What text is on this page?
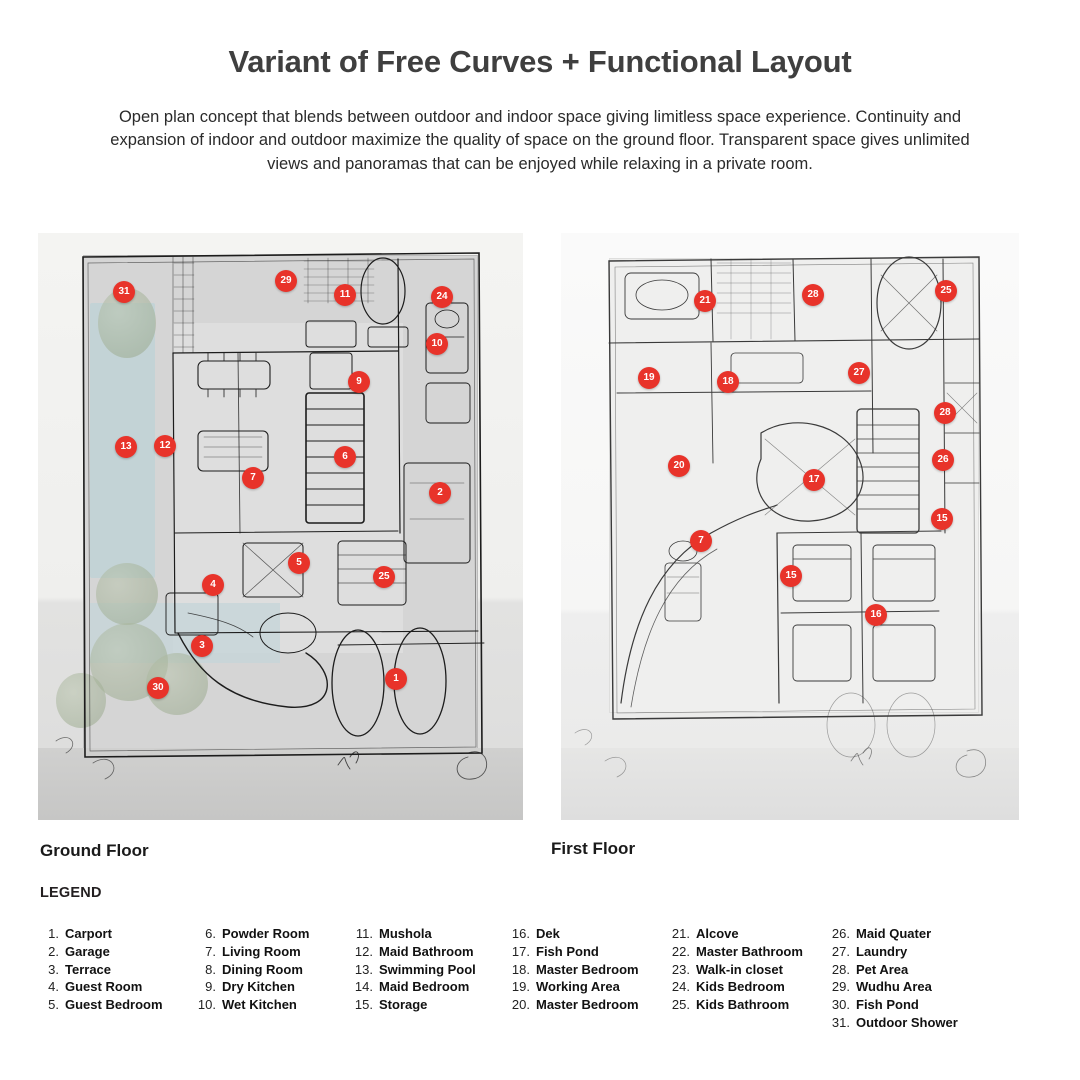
Variant of Free Curves + Functional Layout
Open plan concept that blends between outdoor and indoor space giving limitless space experience. Continuity and expansion of indoor and outdoor maximize the quality of space on the ground floor. Transparent space gives unlimited views and panoramas that can be enjoyed while relaxing in a private room.
31
29
11	24
10
9
13	12
6
2
7
5
4
25
3
1
30
21
28	25
19	18
27
28
26
20
17
15
7
15
16
Ground Floor	First Floor
LEGEND
1. Carport
2. Garage
3. Terrace
4. Guest Room
5. Guest Bedroom
6. Powder Room
7. Living Room
8. Dining Room
9. Dry Kitchen
10. Wet Kitchen
11. Mushola
12. Maid Bathroom
13. Swimming Pool
14. Maid Bedroom
15. Storage
16. Dek
17. Fish Pond
18. Master Bedroom
19. Working Area
20. Master Bedroom
21. Alcove
22. Master Bathroom
23. Walk-in closet
24. Kids Bedroom
25. Kids Bathroom
26. Maid Quater
27. Laundry
28. Pet Area
29. Wudhu Area
30. Fish Pond
31. Outdoor Shower
